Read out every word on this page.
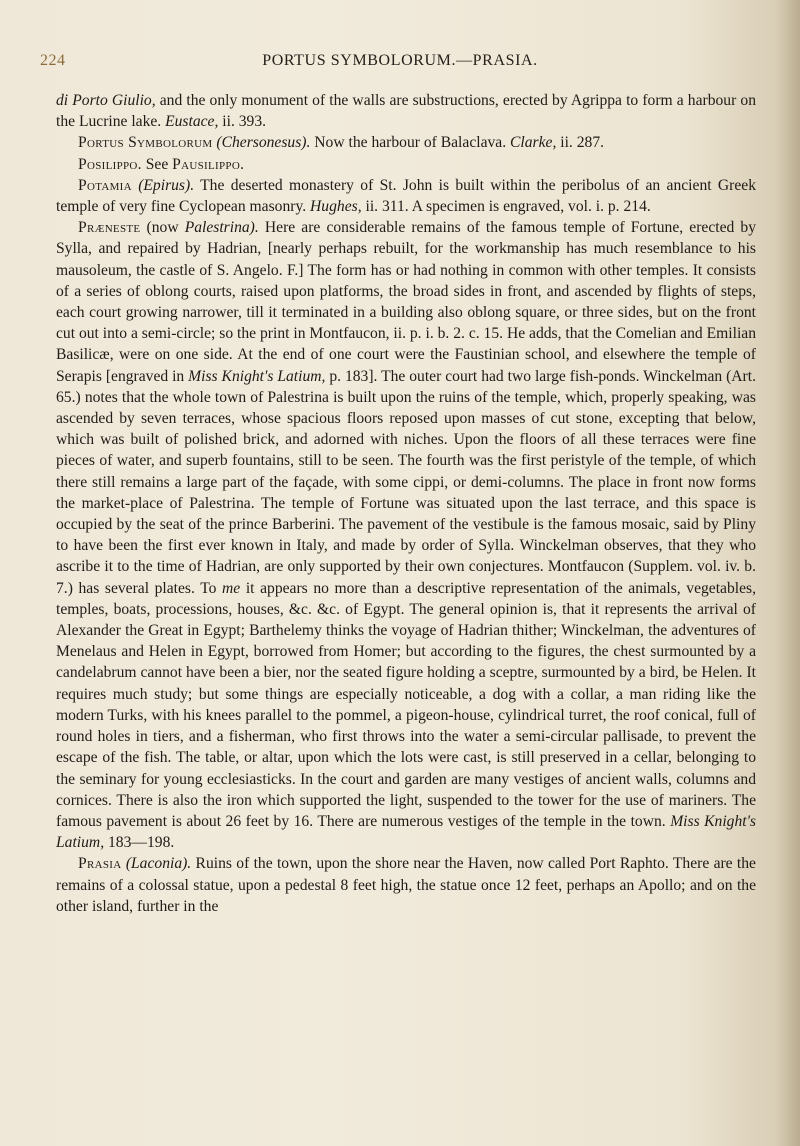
224	PORTUS SYMBOLORUM.—PRASIA.

di Porto Giulio, and the only monument of the walls are substructions, erected by Agrippa to form a harbour on the Lucrine lake. Eustace, ii. 393.

Portus Symbolorum (Chersonesus). Now the harbour of Balaclava. Clarke, ii. 287.

Posilippo. See Pausilippo.

Potamia (Epirus). The deserted monastery of St. John is built within the peribolus of an ancient Greek temple of very fine Cyclopean masonry. Hughes, ii. 311. A specimen is engraved, vol. i. p. 214.

Præneste (now Palestrina). Here are considerable remains of the famous temple of Fortune, erected by Sylla, and repaired by Hadrian, [nearly perhaps rebuilt, for the workmanship has much resemblance to his mausoleum, the castle of S. Angelo. F.] The form has or had nothing in common with other temples. It consists of a series of oblong courts, raised upon platforms, the broad sides in front, and ascended by flights of steps, each court growing narrower, till it terminated in a building also oblong square, or three sides, but on the front cut out into a semi-circle; so the print in Montfaucon, ii. p. i. b. 2. c. 15. He adds, that the Comelian and Emilian Basilicæ, were on one side. At the end of one court were the Faustinian school, and elsewhere the temple of Serapis [engraved in Miss Knight's Latium, p. 183]. The outer court had two large fish-ponds. Winckelman (Art. 65.) notes that the whole town of Palestrina is built upon the ruins of the temple, which, properly speaking, was ascended by seven terraces, whose spacious floors reposed upon masses of cut stone, excepting that below, which was built of polished brick, and adorned with niches. Upon the floors of all these terraces were fine pieces of water, and superb fountains, still to be seen. The fourth was the first peristyle of the temple, of which there still remains a large part of the façade, with some cippi, or demi-columns. The place in front now forms the market-place of Palestrina. The temple of Fortune was situated upon the last terrace, and this space is occupied by the seat of the prince Barberini. The pavement of the vestibule is the famous mosaic, said by Pliny to have been the first ever known in Italy, and made by order of Sylla. Winckelman observes, that they who ascribe it to the time of Hadrian, are only supported by their own conjectures. Montfaucon (Supplem. vol. iv. b. 7.) has several plates. To me it appears no more than a descriptive representation of the animals, vegetables, temples, boats, processions, houses, &c. &c. of Egypt. The general opinion is, that it represents the arrival of Alexander the Great in Egypt; Barthelemy thinks the voyage of Hadrian thither; Winckelman, the adventures of Menelaus and Helen in Egypt, borrowed from Homer; but according to the figures, the chest surmounted by a candelabrum cannot have been a bier, nor the seated figure holding a sceptre, surmounted by a bird, be Helen. It requires much study; but some things are especially noticeable, a dog with a collar, a man riding like the modern Turks, with his knees parallel to the pommel, a pigeon-house, cylindrical turret, the roof conical, full of round holes in tiers, and a fisherman, who first throws into the water a semi-circular pallisade, to prevent the escape of the fish. The table, or altar, upon which the lots were cast, is still preserved in a cellar, belonging to the seminary for young ecclesiasticks. In the court and garden are many vestiges of ancient walls, columns and cornices. There is also the iron which supported the light, suspended to the tower for the use of mariners. The famous pavement is about 26 feet by 16. There are numerous vestiges of the temple in the town. Miss Knight's Latium, 183—198.

Prasia (Laconia). Ruins of the town, upon the shore near the Haven, now called Port Raphto. There are the remains of a colossal statue, upon a pedestal 8 feet high, the statue once 12 feet, perhaps an Apollo; and on the other island, further in the
